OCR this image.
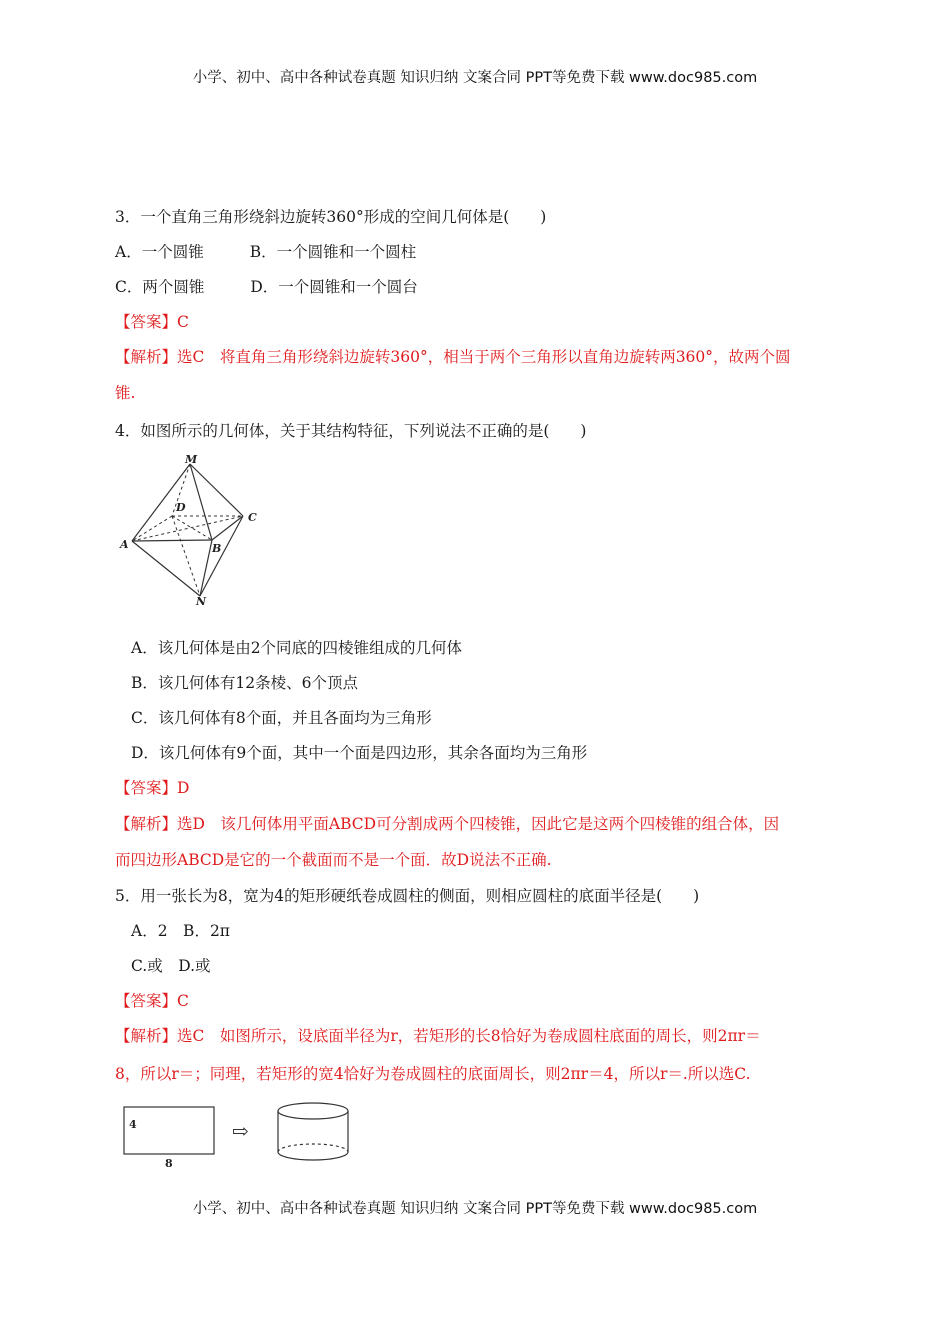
小学、初中、高中各种试卷真题 知识归纳 文案合同 PPT等免费下载 www.doc985.com
3．一个直角三角形绕斜边旋转360°形成的空间几何体是(　　)
A．一个圆锥	B．一个圆锥和一个圆柱
C．两个圆锥	D．一个圆锥和一个圆台
【答案】C
【解析】选C　将直角三角形绕斜边旋转360°，相当于两个三角形以直角边旋转两360°，故两个圆
锥.
4．如图所示的几何体，关于其结构特征，下列说法不正确的是(　　)
M
D
C
A	B
N
A．该几何体是由2个同底的四棱锥组成的几何体
B．该几何体有12条棱、6个顶点
C．该几何体有8个面，并且各面均为三角形
D．该几何体有9个面，其中一个面是四边形，其余各面均为三角形
【答案】D
【解析】选D　该几何体用平面ABCD可分割成两个四棱锥，因此它是这两个四棱锥的组合体，因
而四边形ABCD是它的一个截面而不是一个面．故D说法不正确.
5．用一张长为8，宽为4的矩形硬纸卷成圆柱的侧面，则相应圆柱的底面半径是(　　)
A．2　B．2π
C.或　D.或
【答案】C
【解析】选C　如图所示，设底面半径为r，若矩形的长8恰好为卷成圆柱底面的周长，则2πr＝
8，所以r＝；同理，若矩形的宽4恰好为卷成圆柱的底面周长，则2πr＝4，所以r＝.所以选C.
4
8
⇨
小学、初中、高中各种试卷真题 知识归纳 文案合同 PPT等免费下载 www.doc985.com
